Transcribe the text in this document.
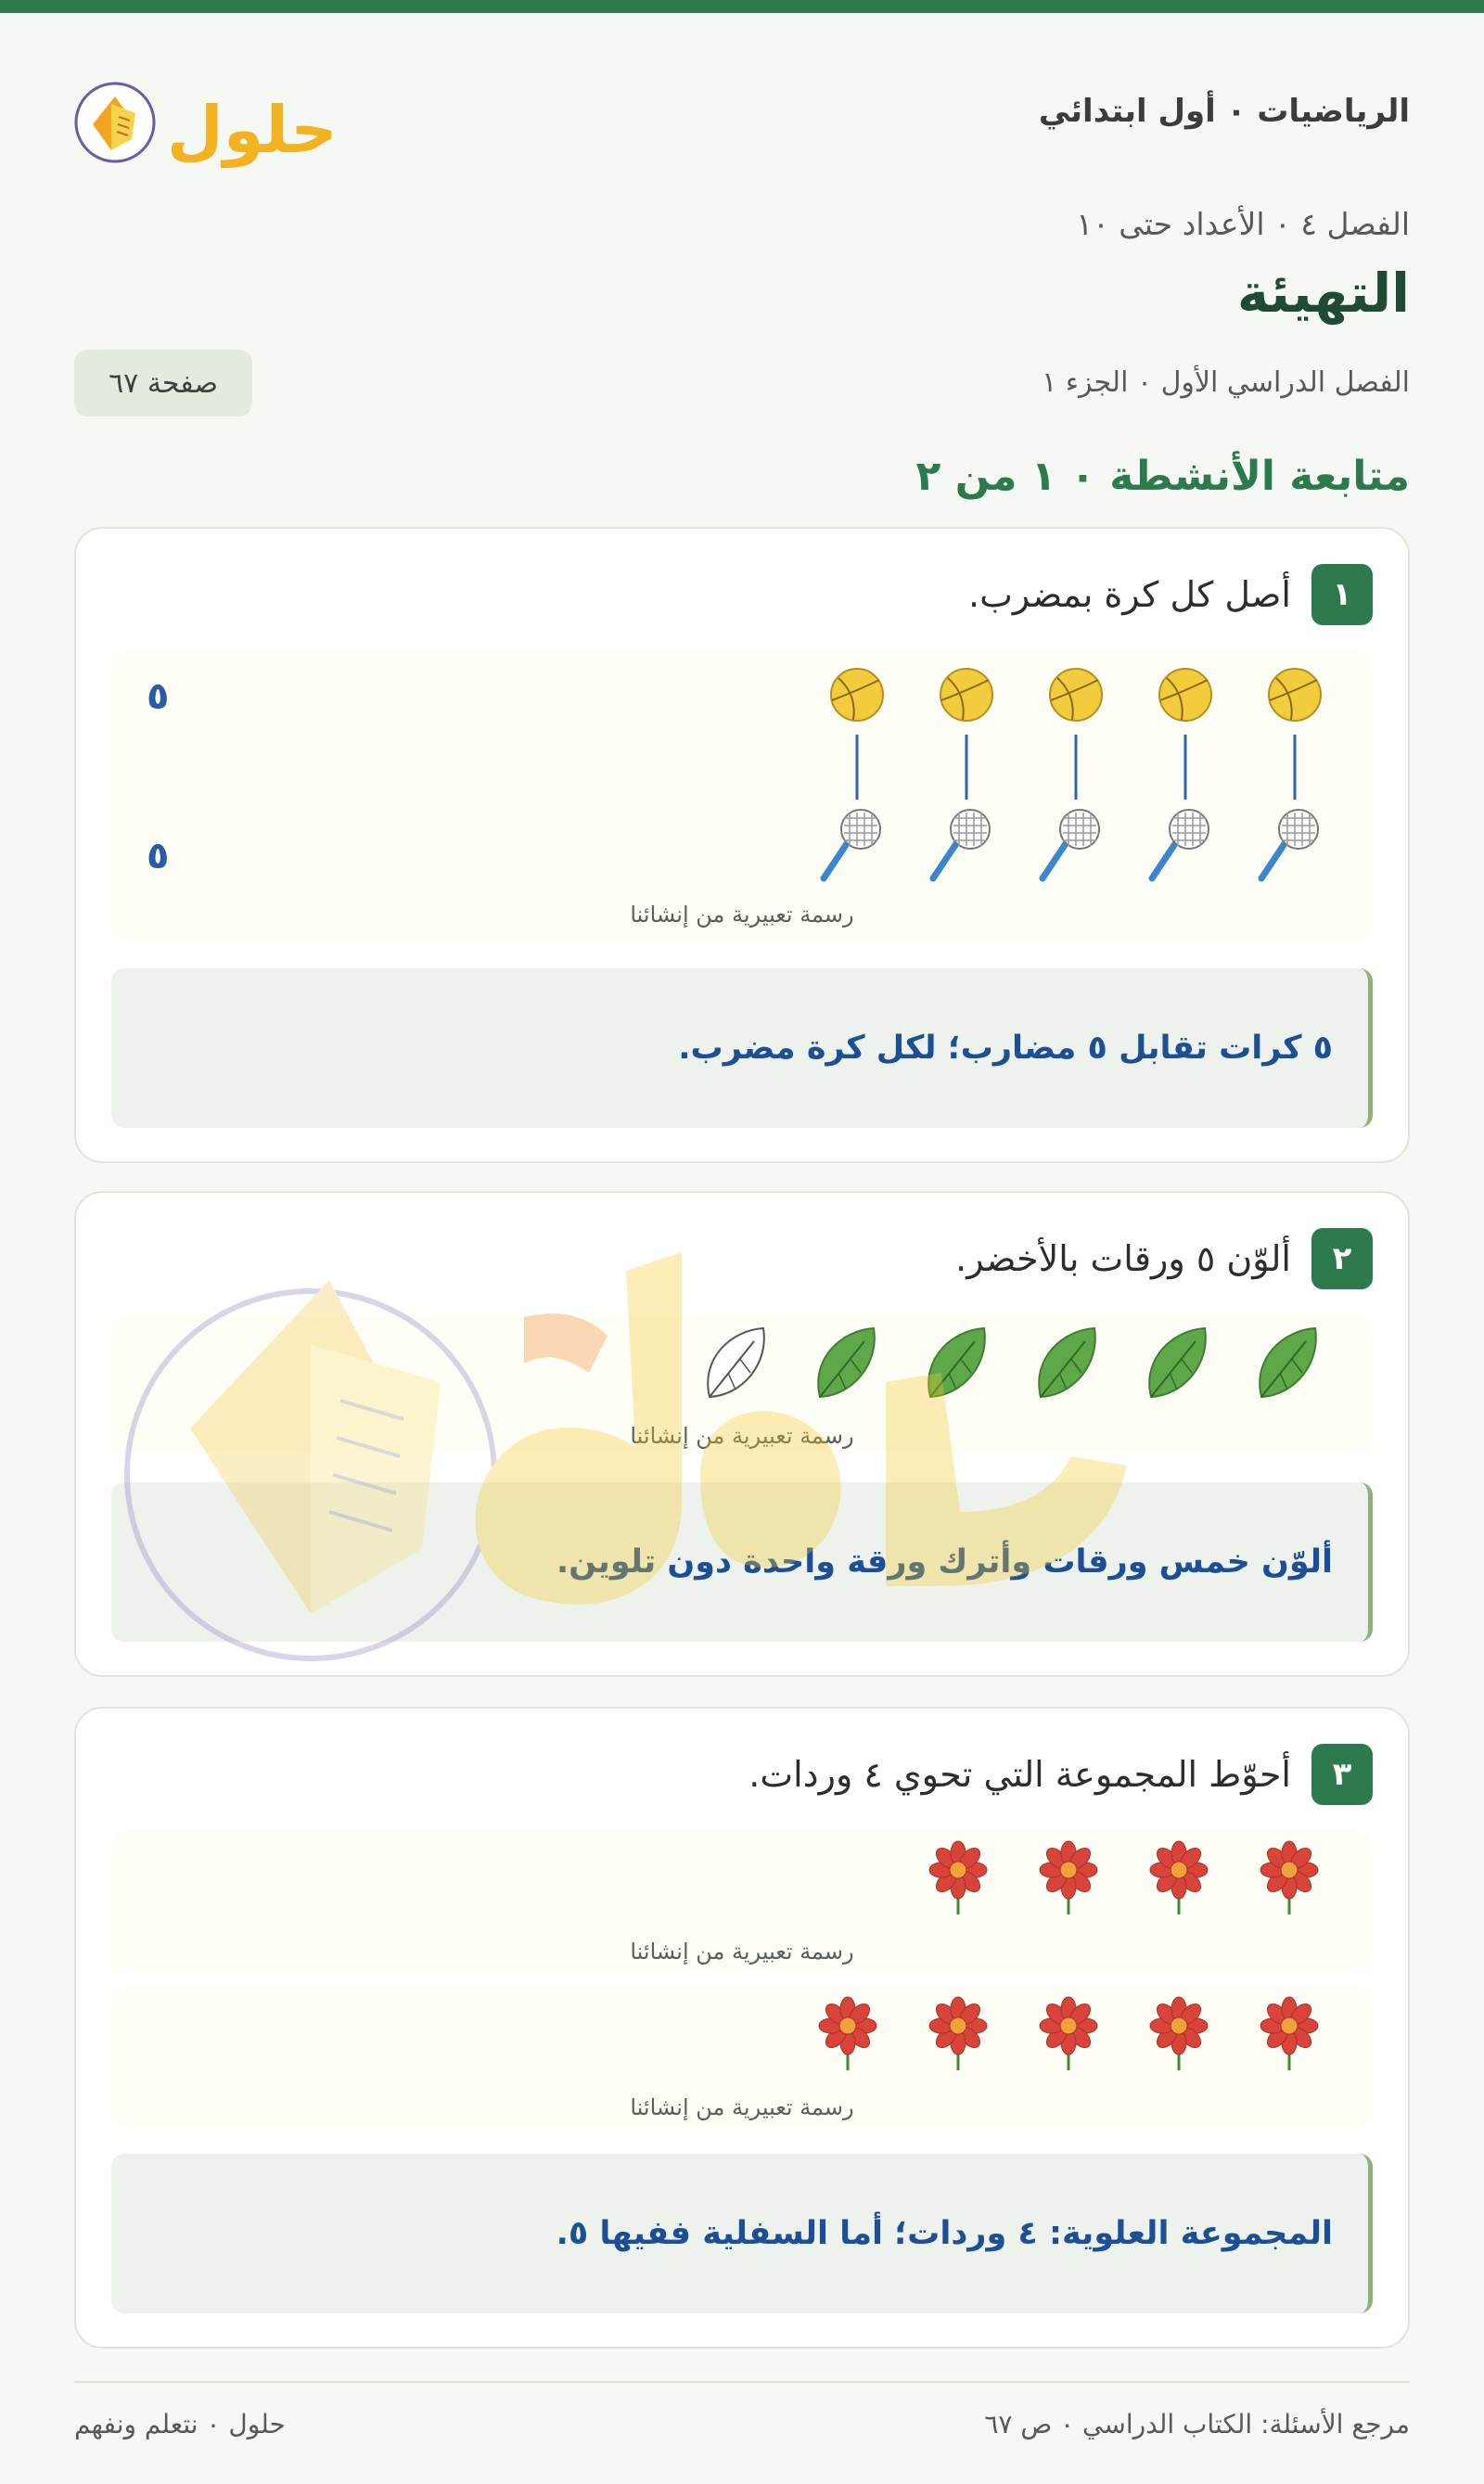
الرياضيات ٠ أول ابتدائي
حلول
الفصل ٤ ٠ الأعداد حتى ١٠
التهيئة
الفصل الدراسي الأول ٠ الجزء ١
صفحة ٦٧
متابعة الأنشطة ٠ ١ من ٢
١
أصل كل كرة بمضرب.
٥
٥
رسمة تعبيرية من إنشائنا
٥ كرات تقابل ٥ مضارب؛ لكل كرة مضرب.
٢
ألوّن ٥ ورقات بالأخضر.
رسمة تعبيرية من إنشائنا
ألوّن خمس ورقات وأترك ورقة واحدة دون تلوين.
٣
أحوّط المجموعة التي تحوي ٤ وردات.
رسمة تعبيرية من إنشائنا
رسمة تعبيرية من إنشائنا
المجموعة العلوية: ٤ وردات؛ أما السفلية ففيها ٥.
مرجع الأسئلة: الكتاب الدراسي ٠ ص ٦٧
حلول ٠ نتعلم ونفهم
